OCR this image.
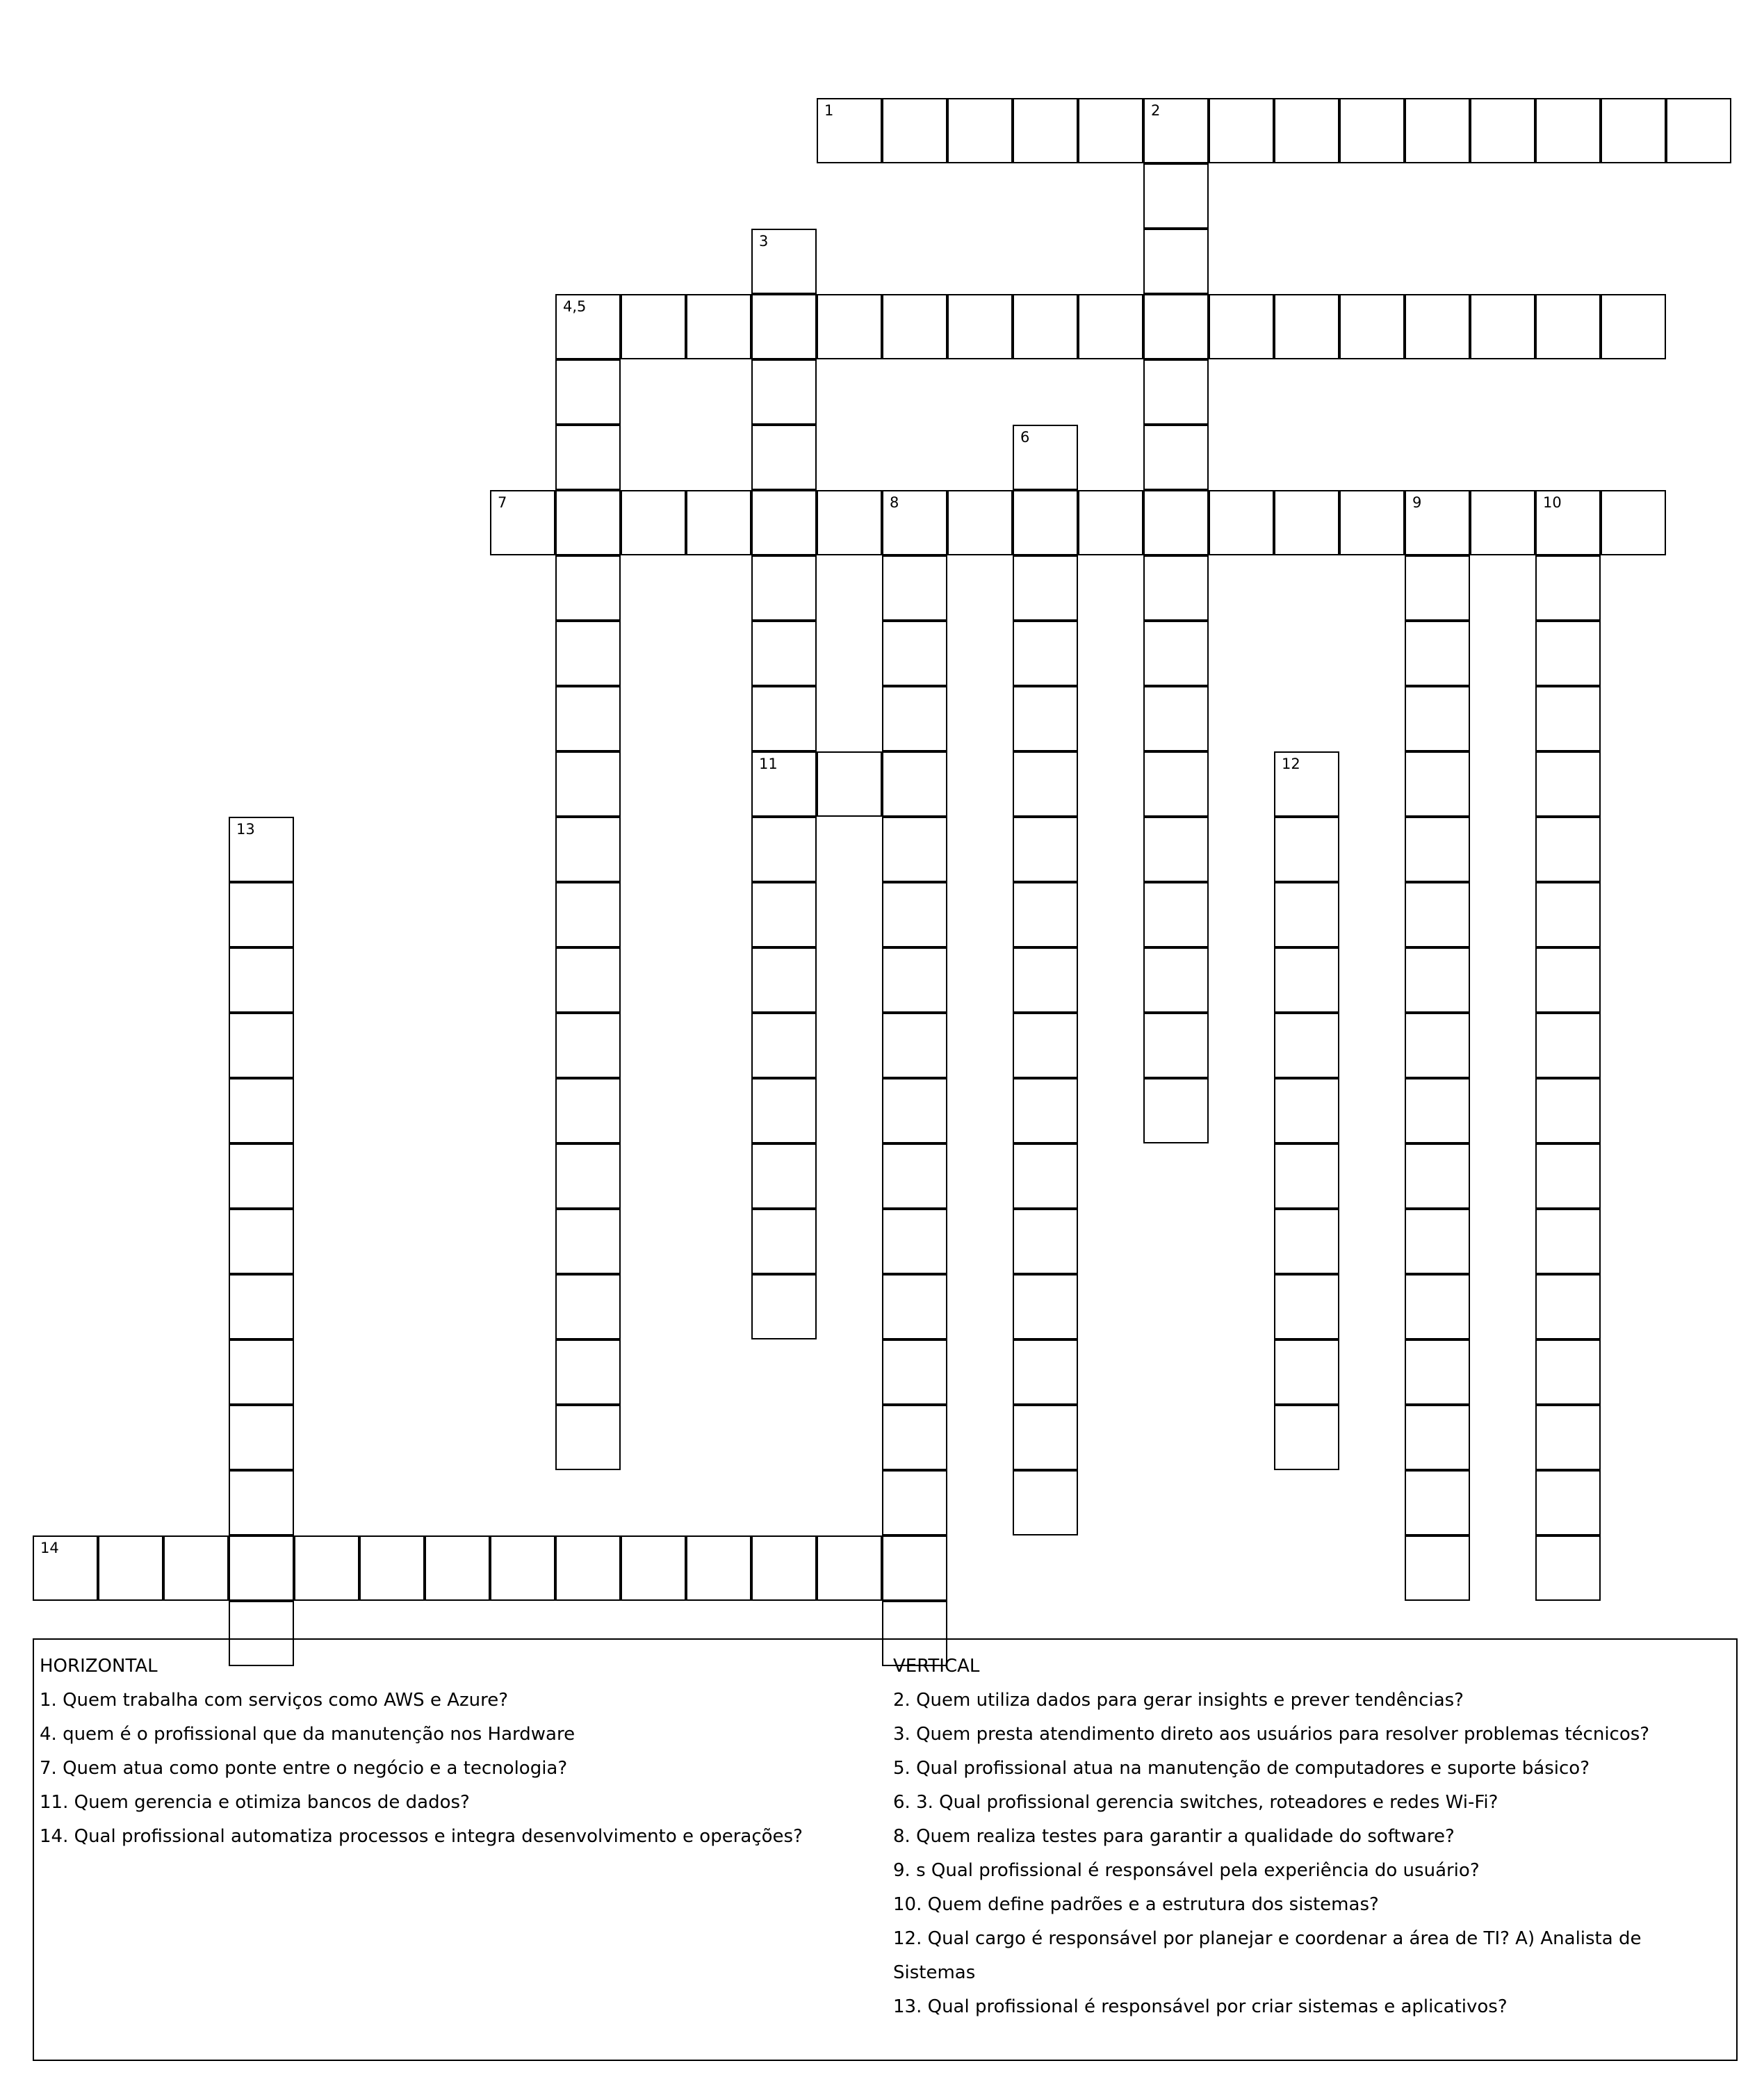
1	2
3
4,5
6
7	8	9	10
11	12
13
14
HORIZONTAL
1. Quem trabalha com serviços como AWS e Azure?
4. quem é o profissional que da manutenção nos Hardware
7. Quem atua como ponte entre o negócio e a tecnologia?
11. Quem gerencia e otimiza bancos de dados?
14. Qual profissional automatiza processos e integra desenvolvimento e operações?
VERTICAL
2. Quem utiliza dados para gerar insights e prever tendências?
3. Quem presta atendimento direto aos usuários para resolver problemas técnicos?
5. Qual profissional atua na manutenção de computadores e suporte básico?
6. 3. Qual profissional gerencia switches, roteadores e redes Wi-Fi?
8. Quem realiza testes para garantir a qualidade do software?
9. s Qual profissional é responsável pela experiência do usuário?
10. Quem define padrões e a estrutura dos sistemas?
12. Qual cargo é responsável por planejar e coordenar a área de TI? A) Analista de Sistemas
13. Qual profissional é responsável por criar sistemas e aplicativos?
